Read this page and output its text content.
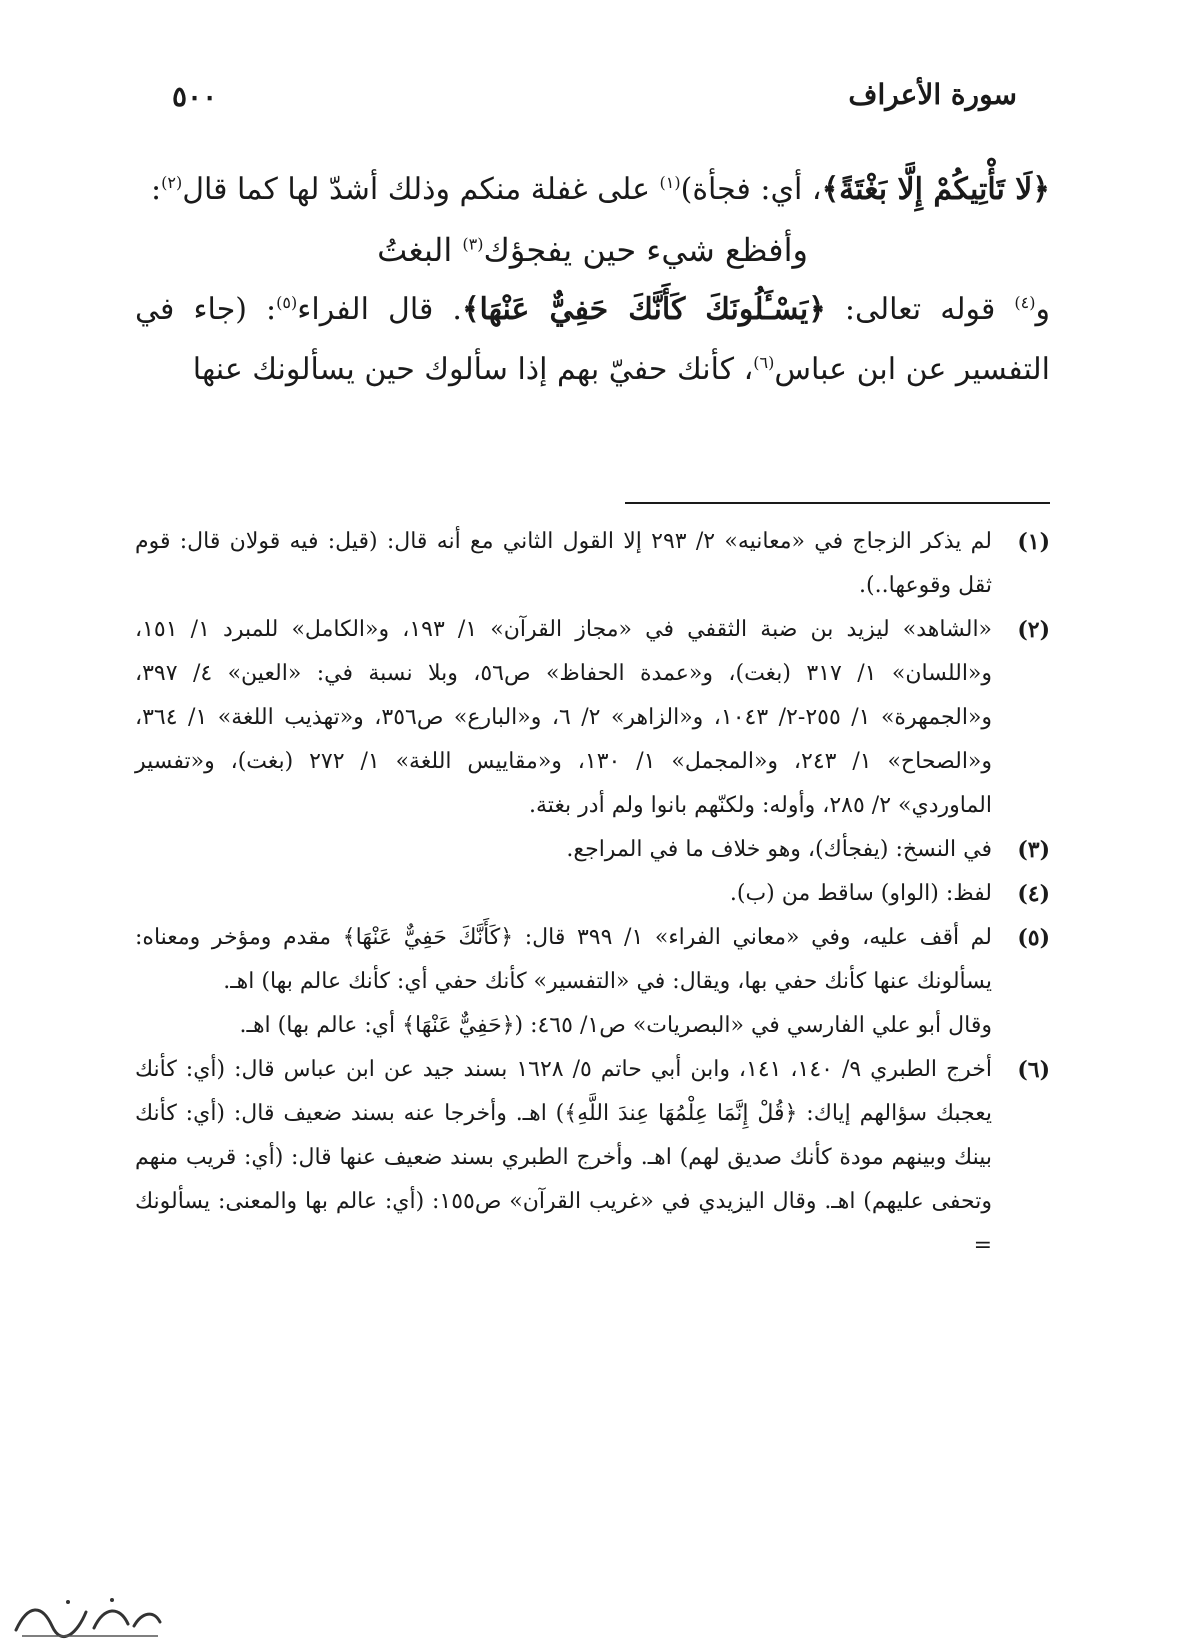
سورة الأعراف
٥٠٠

﴿لَا تَأْتِيكُمْ إِلَّا بَغْتَةً﴾، أي: فجأة)$^{(١)}$ على غفلة منكم وذلك أشدّ لها كما قال$^{(٢)}$:

وأفظع شيء حين يفجؤك$^{(٣)}$ البغتُ

و$^{(٤)}$ قوله تعالى: ﴿يَسْـَٔلُونَكَ كَأَنَّكَ حَفِيٌّ عَنْهَا﴾. قال الفراء$^{(٥)}$: (جاء في التفسير عن ابن عباس$^{(٦)}$، كأنك حفيّ بهم إذا سألوك حين يسألونك عنها

(١)

لم يذكر الزجاج في «معانيه» ٢/ ٢٩٣ إلا القول الثاني مع أنه قال: (قيل: فيه قولان قال: قوم ثقل وقوعها..).

(٢)

«الشاهد» ليزيد بن ضبة الثقفي في «مجاز القرآن» ١/ ١٩٣، و«الكامل» للمبرد ١/ ١٥١، و«اللسان» ١/ ٣١٧ (بغت)، و«عمدة الحفاظ» ص٥٦، وبلا نسبة في: «العين» ٤/ ٣٩٧، و«الجمهرة» ١/ ٢٥٥-٢/ ١٠٤٣، و«الزاهر» ٢/ ٦، و«البارع» ص٣٥٦، و«تهذيب اللغة» ١/ ٣٦٤، و«الصحاح» ١/ ٢٤٣، و«المجمل» ١/ ١٣٠، و«مقاييس اللغة» ١/ ٢٧٢ (بغت)، و«تفسير الماوردي» ٢/ ٢٨٥، وأوله: ولكنّهم بانوا ولم أدر بغتة.

(٣)

في النسخ: (يفجأك)، وهو خلاف ما في المراجع.

(٤)

لفظ: (الواو) ساقط من (ب).

(٥)

لم أقف عليه، وفي «معاني الفراء» ١/ ٣٩٩ قال: ﴿كَأَنَّكَ حَفِيٌّ عَنْهَا﴾ مقدم ومؤخر ومعناه: يسألونك عنها كأنك حفي بها، ويقال: في «التفسير» كأنك حفي أي: كأنك عالم بها) اهـ.

وقال أبو علي الفارسي في «البصريات» ص١/ ٤٦٥: (﴿حَفِيٌّ عَنْهَا﴾ أي: عالم بها) اهـ.

(٦)

أخرج الطبري ٩/ ١٤٠، ١٤١، وابن أبي حاتم ٥/ ١٦٢٨ بسند جيد عن ابن عباس قال: (أي: كأنك يعجبك سؤالهم إياك: ﴿قُلْ إِنَّمَا عِلْمُهَا عِندَ اللَّهِ﴾) اهـ. وأخرجا عنه بسند ضعيف قال: (أي: كأنك بينك وبينهم مودة كأنك صديق لهم) اهـ. وأخرج الطبري بسند ضعيف عنها قال: (أي: قريب منهم وتحفى عليهم) اهـ. وقال اليزيدي في «غريب القرآن» ص١٥٥: (أي: عالم بها والمعنى: يسألونك =
